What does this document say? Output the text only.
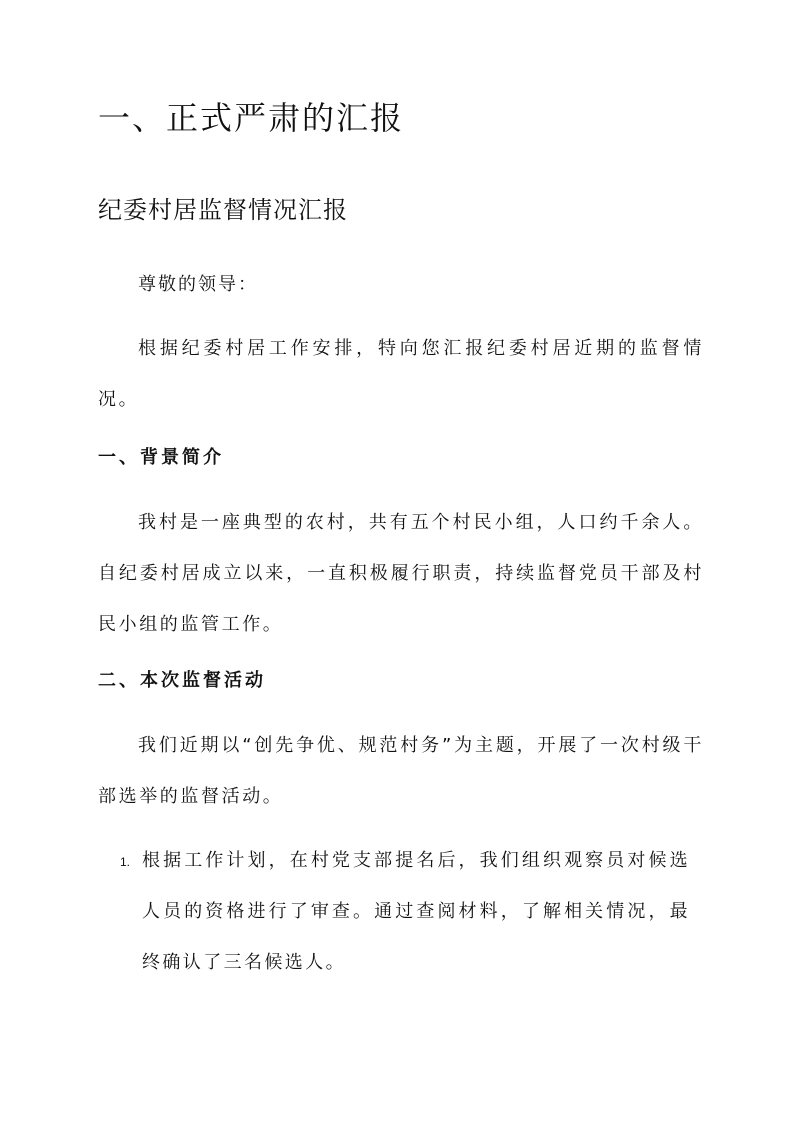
一、正式严肃的汇报
纪委村居监督情况汇报
尊敬的领导：
根据纪委村居工作安排，特向您汇报纪委村居近期的监督情况。
一、背景简介
我村是一座典型的农村，共有五个村民小组，人口约千余人。自纪委村居成立以来，一直积极履行职责，持续监督党员干部及村民小组的监管工作。
二、本次监督活动
我们近期以“创先争优、规范村务”为主题，开展了一次村级干部选举的监督活动。
1. 根据工作计划，在村党支部提名后，我们组织观察员对候选人员的资格进行了审查。通过查阅材料，了解相关情况，最终确认了三名候选人。
